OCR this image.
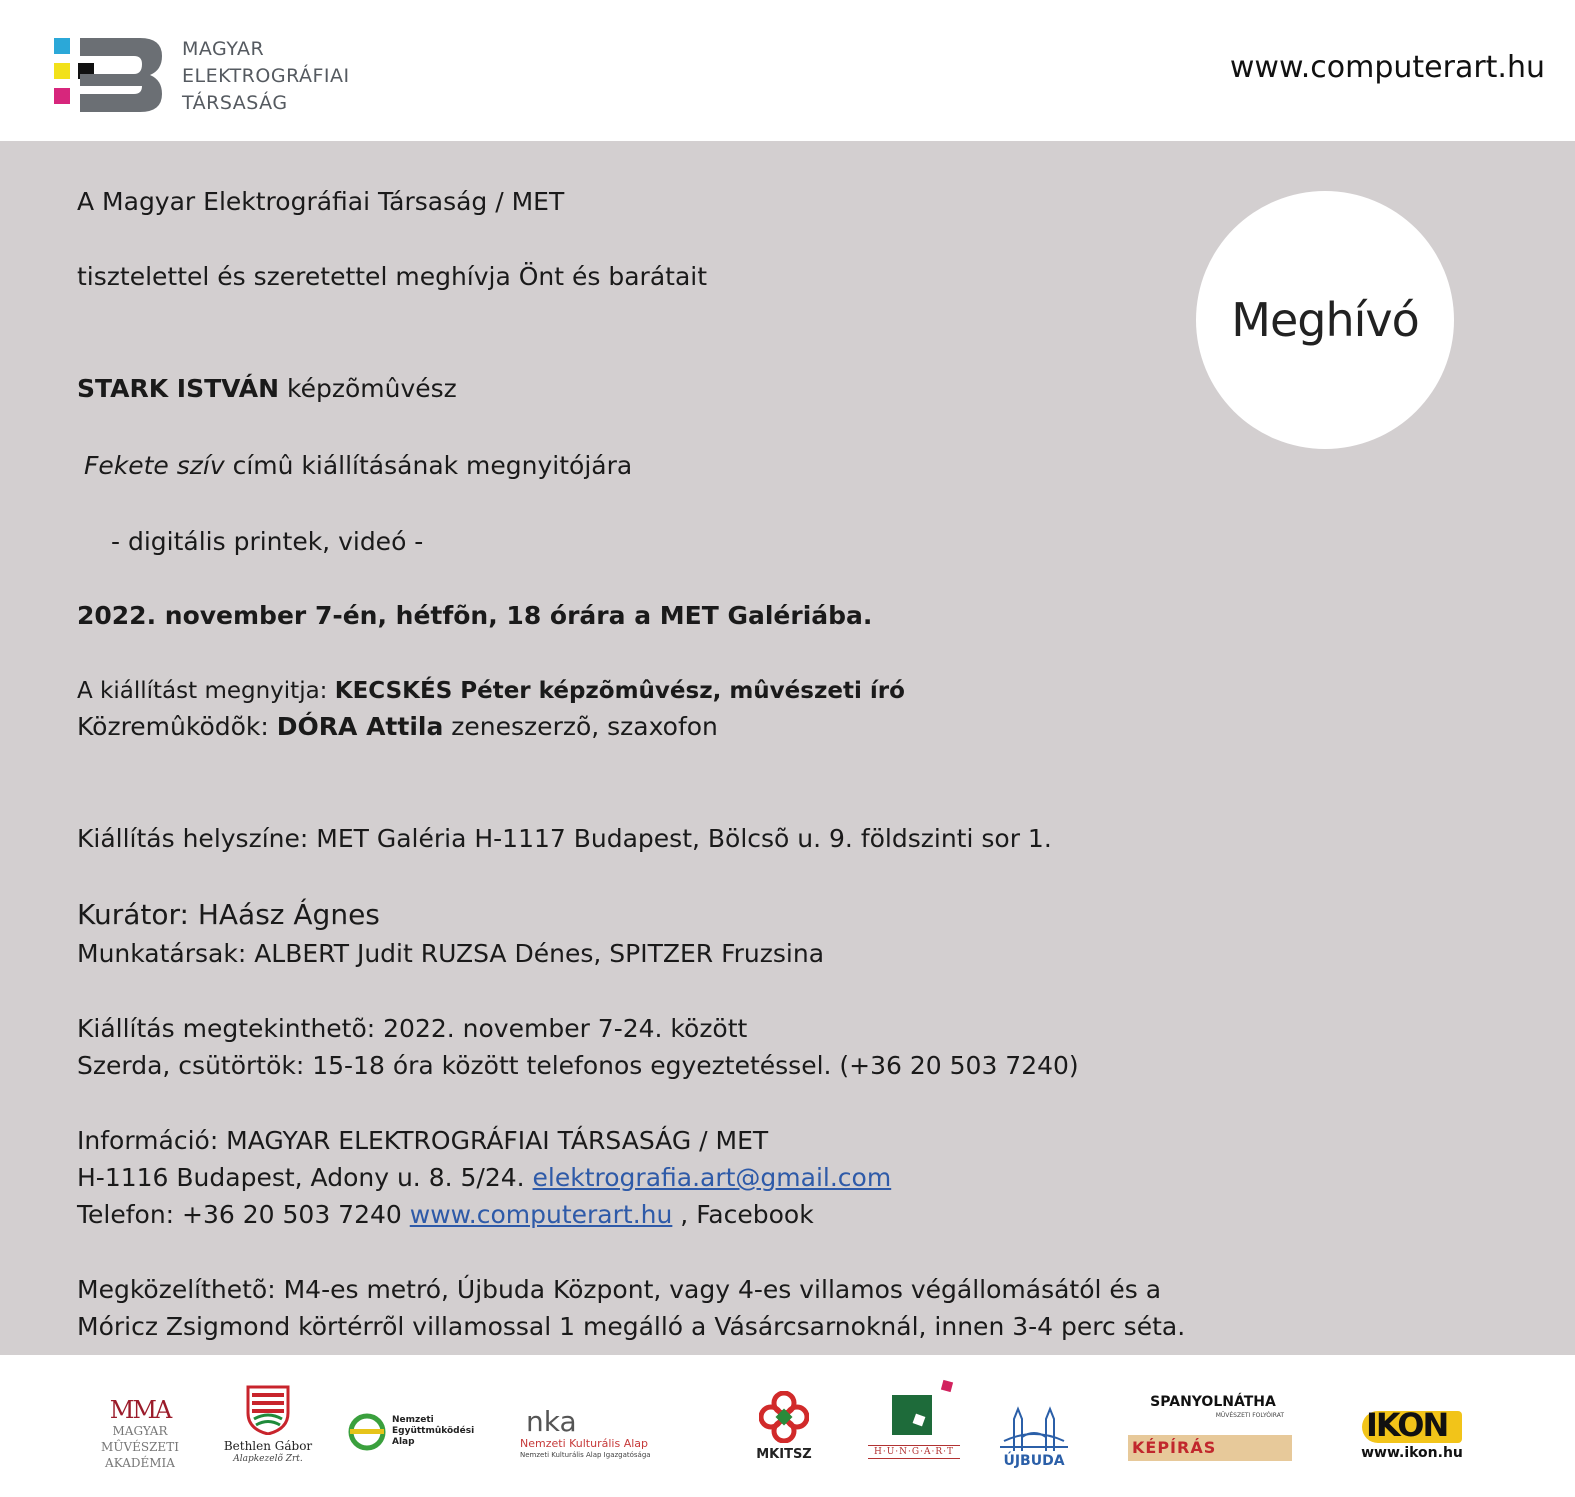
MAGYAR
ELEKTROGRÁFIAI
TÁRSASÁG
www.computerart.hu
A Magyar Elektrográfiai Társaság / MET
tisztelettel és szeretettel meghívja Önt és barátait
STARK ISTVÁN képzõmûvész
Fekete szív címû kiállításának megnyitójára
- digitális printek, videó -
2022. november 7-én, hétfõn, 18 órára a MET Galériába.
A kiállítást megnyitja: KECSKÉS Péter képzõmûvész, mûvészeti író
Közremûködõk: DÓRA Attila zeneszerzõ, szaxofon
Kiállítás helyszíne: MET Galéria H-1117 Budapest, Bölcsõ u. 9. földszinti sor 1.
Kurátor: HAász Ágnes
Munkatársak: ALBERT Judit RUZSA Dénes, SPITZER Fruzsina
Kiállítás megtekinthetõ: 2022. november 7-24. között
Szerda, csütörtök: 15-18 óra között telefonos egyeztetéssel. (+36 20 503 7240)
Információ: MAGYAR ELEKTROGRÁFIAI TÁRSASÁG / MET
H-1116 Budapest, Adony u. 8. 5/24. elektrografia.art@gmail.com
Telefon: +36 20 503 7240 www.computerart.hu , Facebook
Megközelíthetõ: M4-es metró, Újbuda Központ, vagy 4-es villamos végállomásától és a
Móricz Zsigmond körtérrõl villamossal 1 megálló a Vásárcsarnoknál, innen 3-4 perc séta.
Meghívó
MMA
MAGYAR MÛVÉSZETI
AKADÉMIA
Bethlen Gábor
Alapkezelõ Zrt.
Nemzeti
Együttmûködési
Alap
nka
Nemzeti Kulturális Alap
Nemzeti Kulturális Alap Igazgatósága	MKITSZ	H·U·N·G·A·R·T
ÚJBUDA
SPANYOLNÁTHA
MÛVÉSZETI FOLYÓIRAT
KÉPÍRÁS
IKON
www.ikon.hu
